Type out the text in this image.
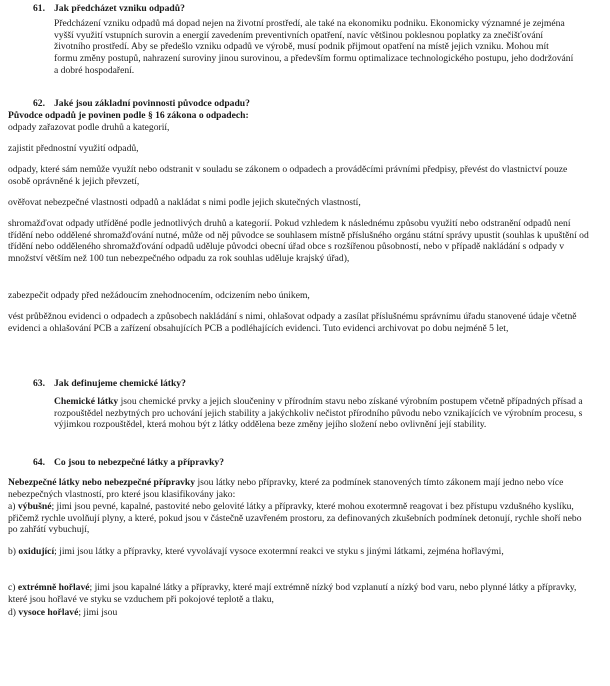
61. Jak předcházet vzniku odpadů?

Předcházení vzniku odpadů má dopad nejen na životní prostředí, ale také na ekonomiku podniku. Ekonomicky významné je zejména vyšší využití vstupních surovin a energií zavedením preventivních opatření, navíc většinou poklesnou poplatky za znečišťování životního prostředí. Aby se předešlo vzniku odpadů ve výrobě, musí podnik přijmout opatření na místě jejich vzniku. Mohou mít formu změny postupů, nahrazení suroviny jinou surovinou, a především formu optimalizace technologického postupu, jeho dodržování a dobré hospodaření.

62. Jaké jsou základní povinnosti původce odpadu?

Původce odpadů je povinen podle § 16 zákona o odpadech:

odpady zařazovat podle druhů a kategorií,

zajistit přednostní využití odpadů,

odpady, které sám nemůže využít nebo odstranit v souladu se zákonem o odpadech a prováděcími právními předpisy, převést do vlastnictví pouze osobě oprávněné k jejich převzetí,

ověřovat nebezpečné vlastnosti odpadů a nakládat s nimi podle jejich skutečných vlastností,

shromažďovat odpady utříděné podle jednotlivých druhů a kategorií. Pokud vzhledem k následnému způsobu využití nebo odstranění odpadů není třídění nebo oddělené shromažďování nutné, může od něj původce se souhlasem místně příslušného orgánu státní správy upustit (souhlas k upuštění od třídění nebo odděleného shromažďování odpadů uděluje původci obecní úřad obce s rozšířenou působností, nebo v případě nakládání s odpady v množství větším než 100 tun nebezpečného odpadu za rok souhlas uděluje krajský úřad),

zabezpečit odpady před nežádoucím znehodnocením, odcizením nebo únikem,

vést průběžnou evidenci o odpadech a způsobech nakládání s nimi, ohlašovat odpady a zasílat příslušnému správnímu úřadu stanovené údaje včetně evidenci a ohlašování PCB a zařízení obsahujících PCB a podléhajících evidenci. Tuto evidenci archivovat po dobu nejméně 5 let,

63. Jak definujeme chemické látky?

Chemické látky jsou chemické prvky a jejich sloučeniny v přírodním stavu nebo získané výrobním postupem včetně případných přísad a rozpouštědel nezbytných pro uchování jejich stability a jakýchkoliv nečistot přírodního původu nebo vznikajících ve výrobním procesu, s výjimkou rozpouštědel, která mohou být z látky oddělena beze změny jejího složení nebo ovlivnění její stability.

64. Co jsou to nebezpečné látky a přípravky?

Nebezpečné látky nebo nebezpečné přípravky jsou látky nebo přípravky, které za podmínek stanovených tímto zákonem mají jedno nebo více nebezpečných vlastností, pro které jsou klasifikovány jako:

a) výbušné; jimi jsou pevné, kapalné, pastovité nebo gelovité látky a přípravky, které mohou exotermně reagovat i bez přístupu vzdušného kyslíku, přičemž rychle uvolňují plyny, a které, pokud jsou v částečně uzavřeném prostoru, za definovaných zkušebních podmínek detonují, rychle shoří nebo po zahřátí vybuchují,

b) oxidující; jimi jsou látky a přípravky, které vyvolávají vysoce exotermní reakci ve styku s jinými látkami, zejména hořlavými,

c) extrémně hořlavé; jimi jsou kapalné látky a přípravky, které mají extrémně nízký bod vzplanutí a nízký bod varu, nebo plynné látky a přípravky, které jsou hořlavé ve styku se vzduchem při pokojové teplotě a tlaku,

d) vysoce hořlavé; jimi jsou
